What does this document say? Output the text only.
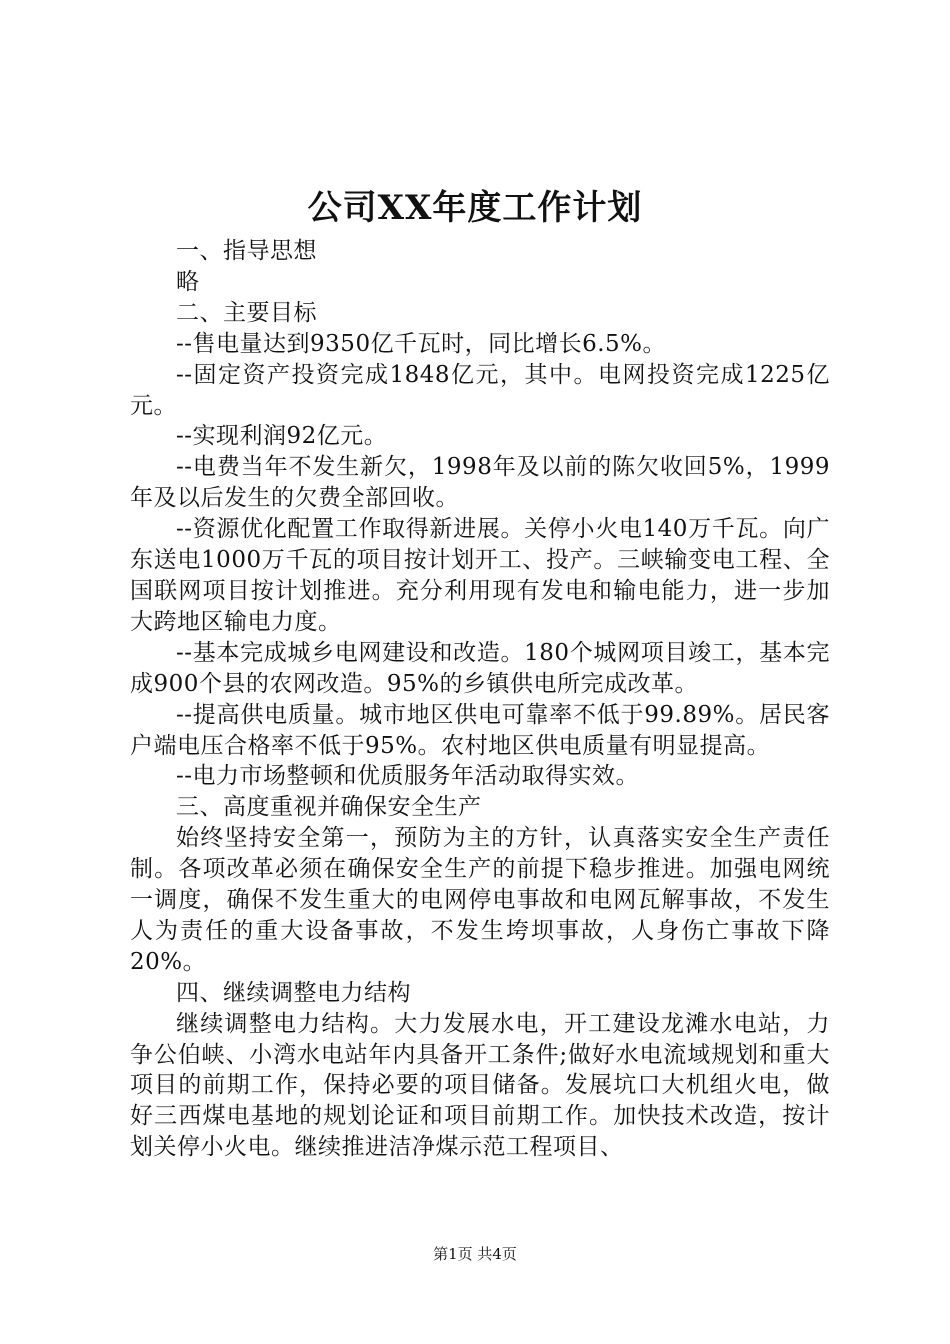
公司XX年度工作计划

一、指导思想

略

二、主要目标

--售电量达到9350亿千瓦时，同比增长6.5%。

--固定资产投资完成1848亿元，其中。电网投资完成1225亿元。

--实现利润92亿元。

--电费当年不发生新欠，1998年及以前的陈欠收回5%，1999年及以后发生的欠费全部回收。

--资源优化配置工作取得新进展。关停小火电140万千瓦。向广东送电1000万千瓦的项目按计划开工、投产。三峡输变电工程、全国联网项目按计划推进。充分利用现有发电和输电能力，进一步加大跨地区输电力度。

--基本完成城乡电网建设和改造。180个城网项目竣工，基本完成900个县的农网改造。95%的乡镇供电所完成改革。

--提高供电质量。城市地区供电可靠率不低于99.89%。居民客户端电压合格率不低于95%。农村地区供电质量有明显提高。

--电力市场整顿和优质服务年活动取得实效。

三、高度重视并确保安全生产

始终坚持安全第一，预防为主的方针，认真落实安全生产责任制。各项改革必须在确保安全生产的前提下稳步推进。加强电网统一调度，确保不发生重大的电网停电事故和电网瓦解事故，不发生人为责任的重大设备事故，不发生垮坝事故，人身伤亡事故下降20%。

四、继续调整电力结构

继续调整电力结构。大力发展水电，开工建设龙滩水电站，力争公伯峡、小湾水电站年内具备开工条件;做好水电流域规划和重大项目的前期工作，保持必要的项目储备。发展坑口大机组火电，做好三西煤电基地的规划论证和项目前期工作。加快技术改造，按计划关停小火电。继续推进洁净煤示范工程项目、

第1页 共4页
